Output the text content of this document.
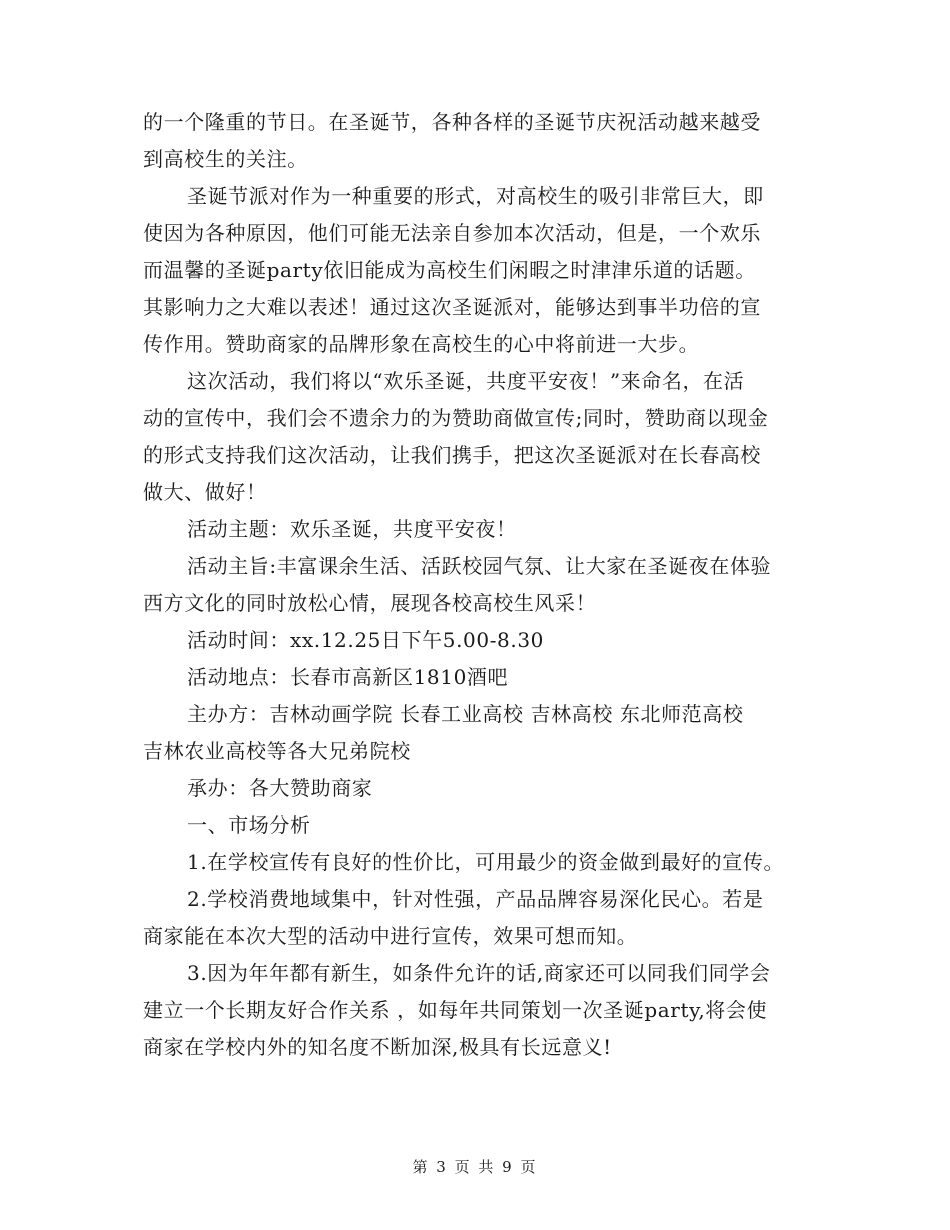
的一个隆重的节日。在圣诞节，各种各样的圣诞节庆祝活动越来越受
到高校生的关注。
圣诞节派对作为一种重要的形式，对高校生的吸引非常巨大，即
使因为各种原因，他们可能无法亲自参加本次活动，但是，一个欢乐
而温馨的圣诞party依旧能成为高校生们闲暇之时津津乐道的话题。
其影响力之大难以表述！通过这次圣诞派对，能够达到事半功倍的宣
传作用。赞助商家的品牌形象在高校生的心中将前进一大步。
这次活动，我们将以“欢乐圣诞，共度平安夜！”来命名，在活
动的宣传中，我们会不遗余力的为赞助商做宣传;同时，赞助商以现金
的形式支持我们这次活动，让我们携手，把这次圣诞派对在长春高校
做大、做好！
活动主题：欢乐圣诞，共度平安夜！
活动主旨:丰富课余生活、活跃校园气氛、让大家在圣诞夜在体验
西方文化的同时放松心情，展现各校高校生风采！
活动时间：xx.12.25日下午5.00-8.30
活动地点：长春市高新区1810酒吧
主办方：吉林动画学院 长春工业高校 吉林高校 东北师范高校
吉林农业高校等各大兄弟院校
承办：各大赞助商家
一、市场分析
1.在学校宣传有良好的性价比，可用最少的资金做到最好的宣传。
2.学校消费地域集中，针对性强，产品品牌容易深化民心。若是
商家能在本次大型的活动中进行宣传，效果可想而知。
3.因为年年都有新生，如条件允许的话,商家还可以同我们同学会
建立一个长期友好合作关系 ，如每年共同策划一次圣诞party,将会使
商家在学校内外的知名度不断加深,极具有长远意义!
第 3 页 共 9 页
